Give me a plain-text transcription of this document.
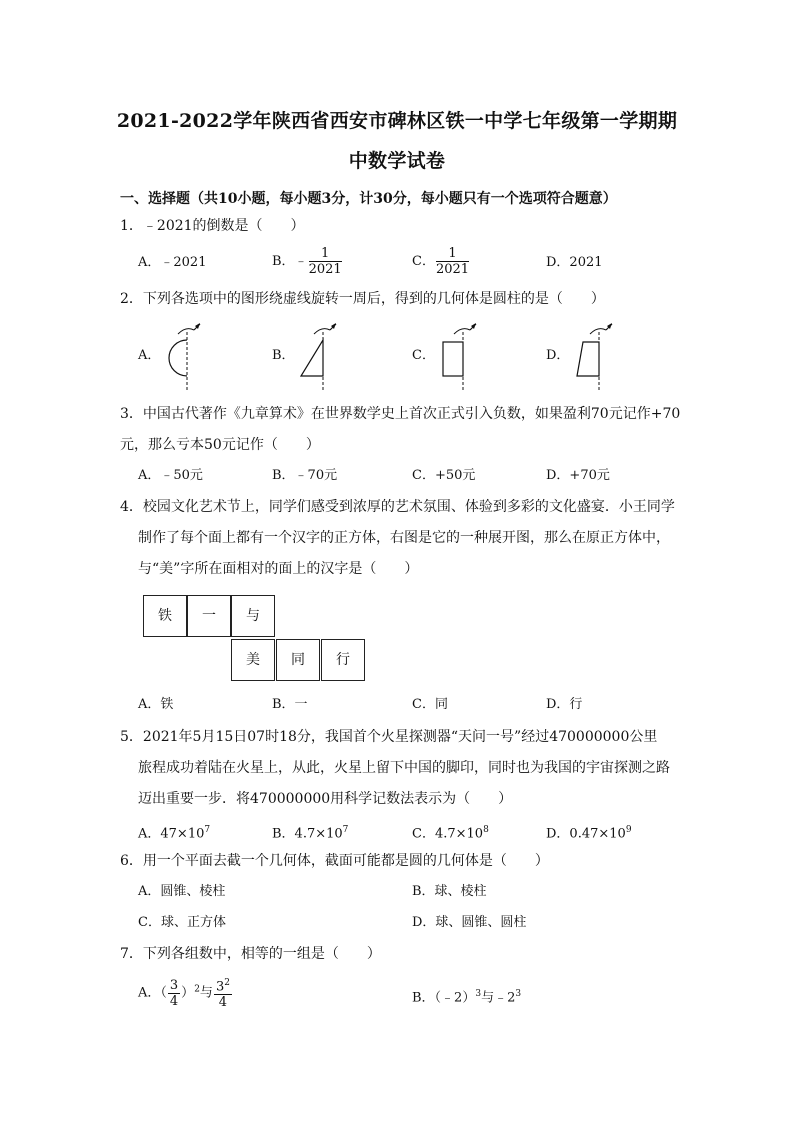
2021-2022学年陕西省西安市碑林区铁一中学七年级第一学期期
中数学试卷
一、选择题（共10小题，每小题3分，计30分，每小题只有一个选项符合题意）
1．﹣2021的倒数是（　　）
A．﹣2021	B．﹣ $\frac{1}{2021}$	C． $\frac{1}{2021}$	D．2021
2．下列各选项中的图形绕虚线旋转一周后，得到的几何体是圆柱的是（　　）
A．	B．	C．	D．
3．中国古代著作《九章算术》在世界数学史上首次正式引入负数，如果盈利70元记作+70
元，那么亏本50元记作（　　）
A．﹣50元	B．﹣70元	C．+50元	D．+70元
4．校园文化艺术节上，同学们感受到浓厚的艺术氛围、体验到多彩的文化盛宴．小王同学
制作了每个面上都有一个汉字的正方体，右图是它的一种展开图，那么在原正方体中，
与“美”字所在面相对的面上的汉字是（　　）
铁	一	与
美	同	行
A．铁	B．一	C．同	D．行
5．2021年5月15日07时18分，我国首个火星探测器“天问一号”经过470000000公里
旅程成功着陆在火星上，从此，火星上留下中国的脚印，同时也为我国的宇宙探测之路
迈出重要一步．将470000000用科学记数法表示为（　　）
A．$47\times 10^7$	B．$4.7\times 10^7$	C．$4.7\times 10^8$	D．$0.47\times 10^9$
6．用一个平面去截一个几何体，截面可能都是圆的几何体是（　　）
A．圆锥、棱柱	B．球、棱柱
C．球、正方体	D．球、圆锥、圆柱
7．下列各组数中，相等的一组是（　　）
A．（ $\frac{3}{4} )^2$与 $\frac{3^2}{4}$	B．（﹣2）$^3$与$﹣2^3$
